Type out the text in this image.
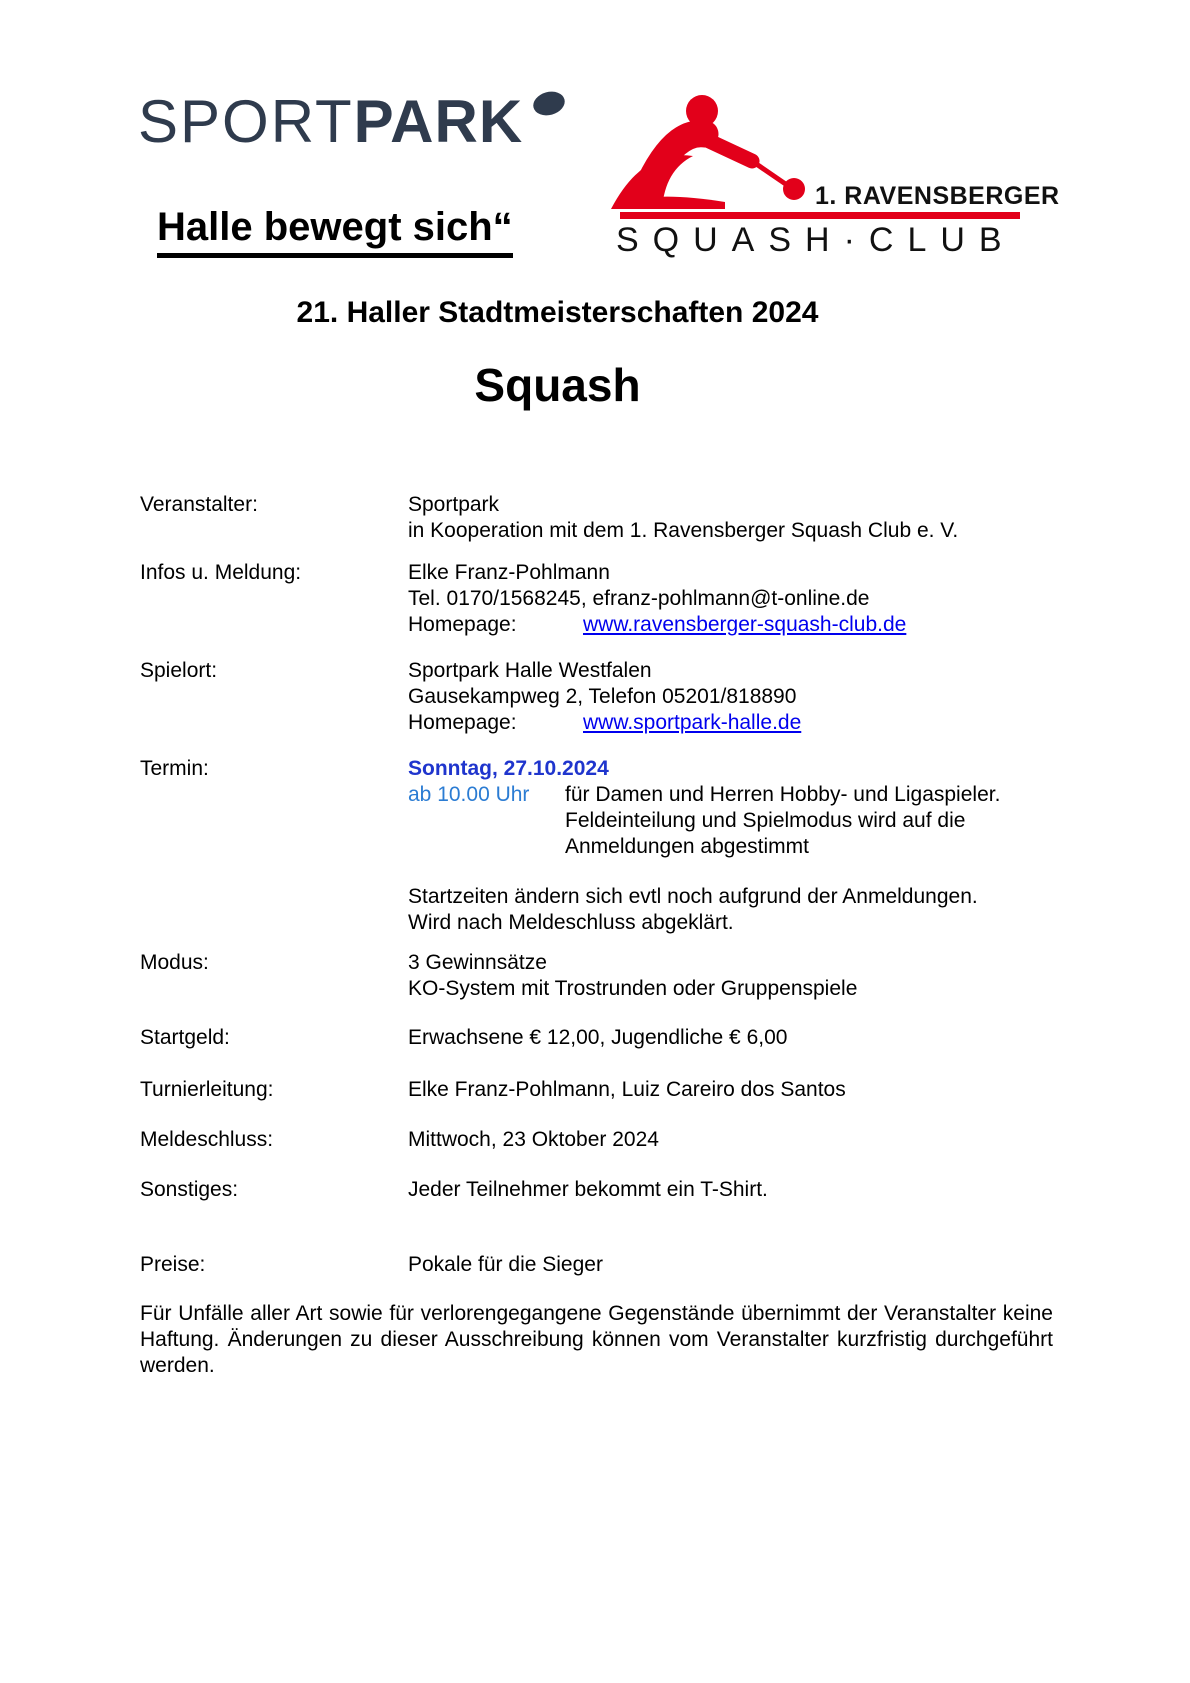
SPORTPARK
Halle bewegt sich“
1. RAVENSBERGER
SQUASH·CLUB
21. Haller Stadtmeisterschaften 2024
Squash
Veranstalter:	Sportpark
in Kooperation mit dem 1. Ravensberger Squash Club e. V.
Infos u. Meldung:	Elke Franz-Pohlmann
Tel. 0170/1568245, efranz-pohlmann@t-online.de
Homepage:	www.ravensberger-squash-club.de
Spielort:	Sportpark Halle Westfalen
Gausekampweg 2, Telefon 05201/818890
Homepage:	www.sportpark-halle.de
Termin:	Sonntag, 27.10.2024
ab 10.00 Uhr für Damen und Herren Hobby- und Ligaspieler.
Feldeinteilung und Spielmodus wird auf die
Anmeldungen abgestimmt
Startzeiten ändern sich evtl noch aufgrund der Anmeldungen.
Wird nach Meldeschluss abgeklärt.
Modus:	3 Gewinnsätze
KO-System mit Trostrunden oder Gruppenspiele
Startgeld:	Erwachsene € 12,00, Jugendliche € 6,00
Turnierleitung:	Elke Franz-Pohlmann, Luiz Careiro dos Santos
Meldeschluss:	Mittwoch, 23 Oktober 2024
Sonstiges:	Jeder Teilnehmer bekommt ein T-Shirt.
Preise:	Pokale für die Sieger
Für Unfälle aller Art sowie für verlorengegangene Gegenstände übernimmt der Veranstalter keine Haftung. Änderungen zu dieser Ausschreibung können vom Veranstalter kurzfristig durchgeführt werden.
